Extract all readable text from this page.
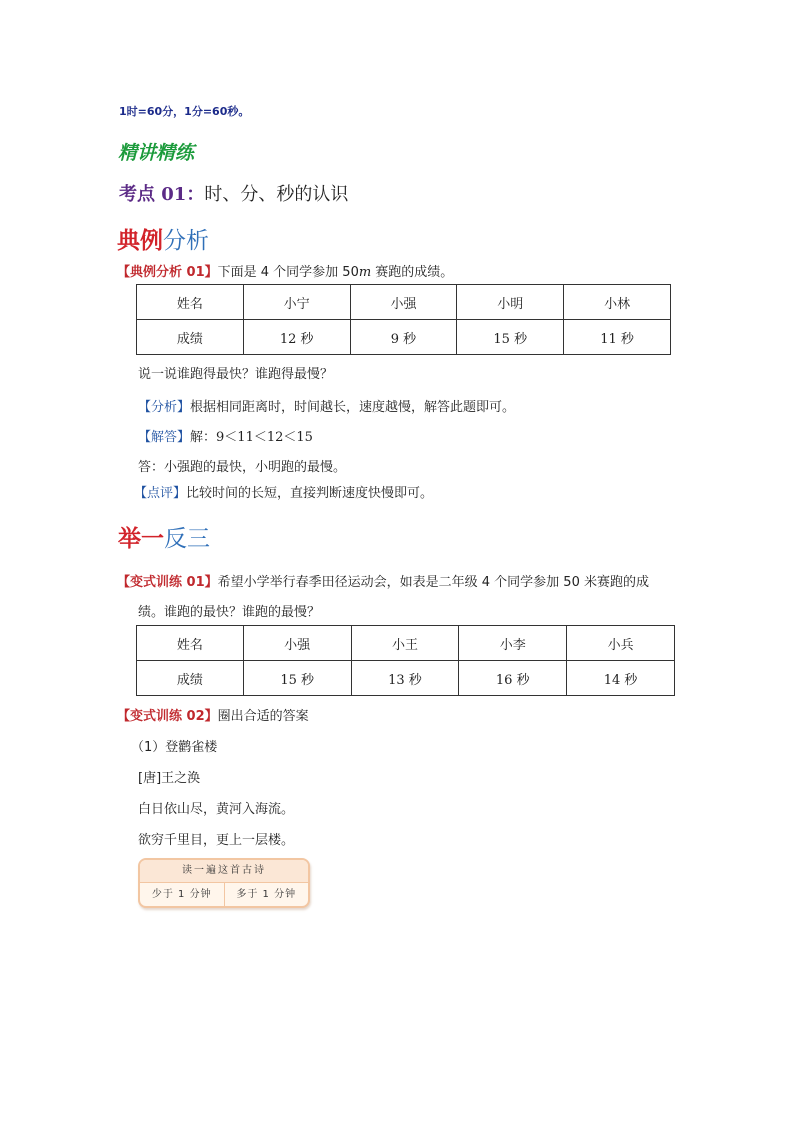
1时=60分，1分=60秒。
精讲精练
考点 01：时、分、秒的认识
典例分析
【典例分析 01】下面是 4 个同学参加 50m 赛跑的成绩。
姓名	小宁	小强	小明	小林
成绩	12 秒	9 秒	15 秒	11 秒
说一说谁跑得最快？谁跑得最慢？
【分析】根据相同距离时，时间越长，速度越慢，解答此题即可。
【解答】解：9＜11＜12＜15
答：小强跑的最快，小明跑的最慢。
【点评】比较时间的长短，直接判断速度快慢即可。
举一反三
【变式训练 01】希望小学举行春季田径运动会，如表是二年级 4 个同学参加 50 米赛跑的成
绩。谁跑的最快？谁跑的最慢？
姓名	小强	小王	小李	小兵
成绩	15 秒	13 秒	16 秒	14 秒
【变式训练 02】圈出合适的答案
（1）登鹳雀楼
[唐]王之涣
白日依山尽，黄河入海流。
欲穷千里目，更上一层楼。
读一遍这首古诗
少于 1 分钟	多于 1 分钟
